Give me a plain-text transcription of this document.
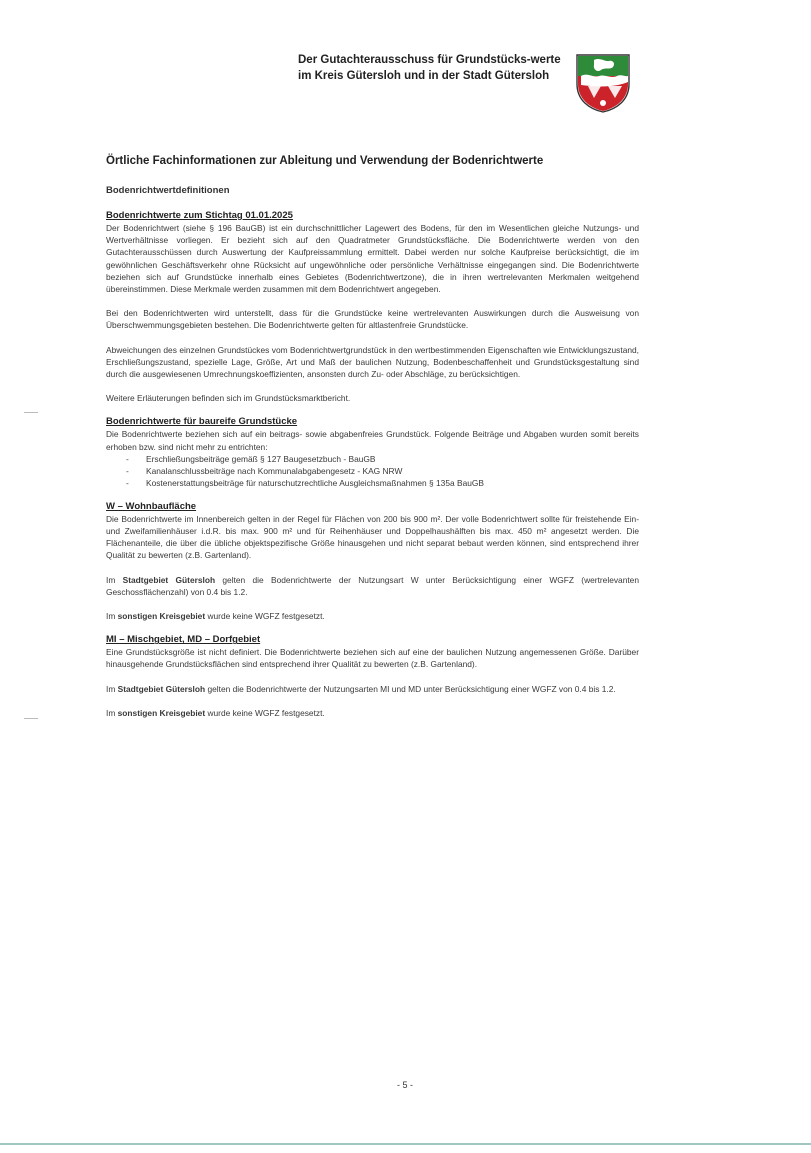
Der Gutachterausschuss für Grundstücks-werte im Kreis Gütersloh und in der Stadt Gütersloh
Örtliche Fachinformationen zur Ableitung und Verwendung der Bodenrichtwerte
Bodenrichtwertdefinitionen
Bodenrichtwerte zum Stichtag 01.01.2025

Der Bodenrichtwert (siehe § 196 BauGB) ist ein durchschnittlicher Lagewert des Bodens, für den im Wesentlichen gleiche Nutzungs- und Wertverhältnisse vorliegen. Er bezieht sich auf den Quadratmeter Grundstücksfläche. Die Bodenrichtwerte werden von den Gutachterausschüssen durch Auswertung der Kaufpreissammlung ermittelt. Dabei werden nur solche Kaufpreise berücksichtigt, die im gewöhnlichen Geschäftsverkehr ohne Rücksicht auf ungewöhnliche oder persönliche Verhältnisse eingegangen sind. Die Bodenrichtwerte beziehen sich auf Grundstücke innerhalb eines Gebietes (Bodenrichtwertzone), die in ihren wertrelevanten Merkmalen weitgehend übereinstimmen. Diese Merkmale werden zusammen mit dem Bodenrichtwert angegeben.

Bei den Bodenrichtwerten wird unterstellt, dass für die Grundstücke keine wertrelevanten Auswirkungen durch die Ausweisung von Überschwemmungsgebieten bestehen. Die Bodenrichtwerte gelten für altlastenfreie Grundstücke.

Abweichungen des einzelnen Grundstückes vom Bodenrichtwertgrundstück in den wertbestimmenden Eigenschaften wie Entwicklungszustand, Erschließungszustand, spezielle Lage, Größe, Art und Maß der baulichen Nutzung, Bodenbeschaffenheit und Grundstücksgestaltung sind durch die ausgewiesenen Umrechnungskoeffizienten, ansonsten durch Zu- oder Abschläge, zu berücksichtigen.

Weitere Erläuterungen befinden sich im Grundstücksmarktbericht.

Bodenrichtwerte für baureife Grundstücke

Die Bodenrichtwerte beziehen sich auf ein beitrags- sowie abgabenfreies Grundstück. Folgende Beiträge und Abgaben wurden somit bereits erhoben bzw. sind nicht mehr zu entrichten:

- Erschließungsbeiträge gemäß § 127 Baugesetzbuch - BauGB
- Kanalanschlussbeiträge nach Kommunalabgabengesetz - KAG NRW
- Kostenerstattungsbeiträge für naturschutzrechtliche Ausgleichsmaßnahmen § 135a BauGB
W – Wohnbaufläche

Die Bodenrichtwerte im Innenbereich gelten in der Regel für Flächen von 200 bis 900 m². Der volle Bodenrichtwert sollte für freistehende Ein- und Zweifamilienhäuser i.d.R. bis max. 900 m² und für Reihenhäuser und Doppelhaushälften bis max. 450 m² angesetzt werden. Die Flächenanteile, die über die übliche objektspezifische Größe hinausgehen und nicht separat bebaut werden können, sind entsprechend ihrer Qualität zu bewerten (z.B. Gartenland).

Im Stadtgebiet Gütersloh gelten die Bodenrichtwerte der Nutzungsart W unter Berücksichtigung einer WGFZ (wertrelevanten Geschossflächenzahl) von 0.4 bis 1.2.

Im sonstigen Kreisgebiet wurde keine WGFZ festgesetzt.

MI – Mischgebiet, MD – Dorfgebiet

Eine Grundstücksgröße ist nicht definiert. Die Bodenrichtwerte beziehen sich auf eine der baulichen Nutzung angemessenen Größe. Darüber hinausgehende Grundstücksflächen sind entsprechend ihrer Qualität zu bewerten (z.B. Gartenland).

Im Stadtgebiet Gütersloh gelten die Bodenrichtwerte der Nutzungsarten MI und MD unter Berücksichtigung einer WGFZ von 0.4 bis 1.2.

Im sonstigen Kreisgebiet wurde keine WGFZ festgesetzt.

- 5 -
